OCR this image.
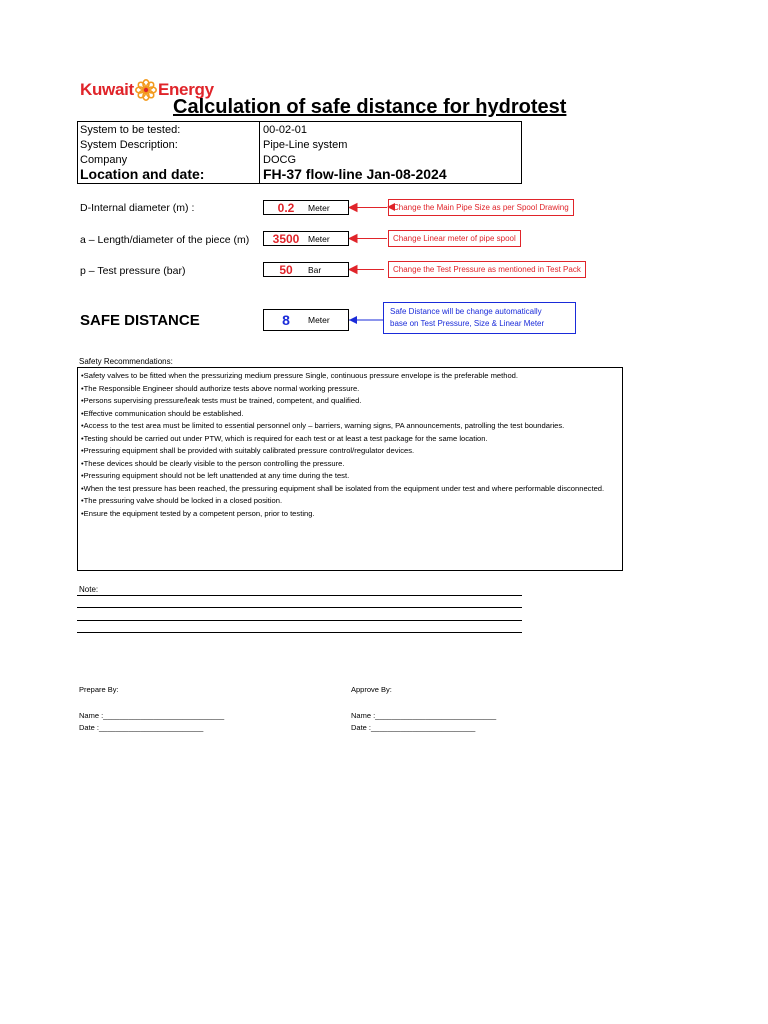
Kuwait Energy
Calculation of safe distance for hydrotest
System to be tested:	00-02-01
System Description:	Pipe-Line system
Company	DOCG
Location and date:	FH-37 flow-line Jan-08-2024
D-Internal diameter (m) :	0.2	Meter	Change the Main Pipe Size as per Spool Drawing
a – Length/diameter of the piece (m)	3500	Meter	Change Linear meter of pipe spool
p – Test pressure (bar)	50	Bar	Change the Test Pressure as mentioned in Test Pack
SAFE DISTANCE	8	Meter
Safe Distance will be change automatically
base on Test Pressure, Size & Linear Meter
Safety Recommendations:
•Safety valves to be fitted when the pressurizing medium pressure Single, continuous pressure envelope is the preferable method.
•The Responsible Engineer should authorize tests above normal working pressure.
•Persons supervising pressure/leak tests must be trained, competent, and qualified.
•Effective communication should be established.
•Access to the test area must be limited to essential personnel only – barriers, warning signs, PA announcements, patrolling the test boundaries.
•Testing should be carried out under PTW, which is required for each test or at least a test package for the same location.
•Pressuring equipment shall be provided with suitably calibrated pressure control/regulator devices.
•These devices should be clearly visible to the person controlling the pressure.
•Pressuring equipment should not be left unattended at any time during the test.
•When the test pressure has been reached, the pressuring equipment shall be isolated from the equipment under test and where performable disconnected.
•The pressuring valve should be locked in a closed position.
•Ensure the equipment tested by a competent person, prior to testing.
Note:
Prepare By:
Name :_____________________________
Date :_________________________
Approve By:
Name :_____________________________
Date :_________________________
